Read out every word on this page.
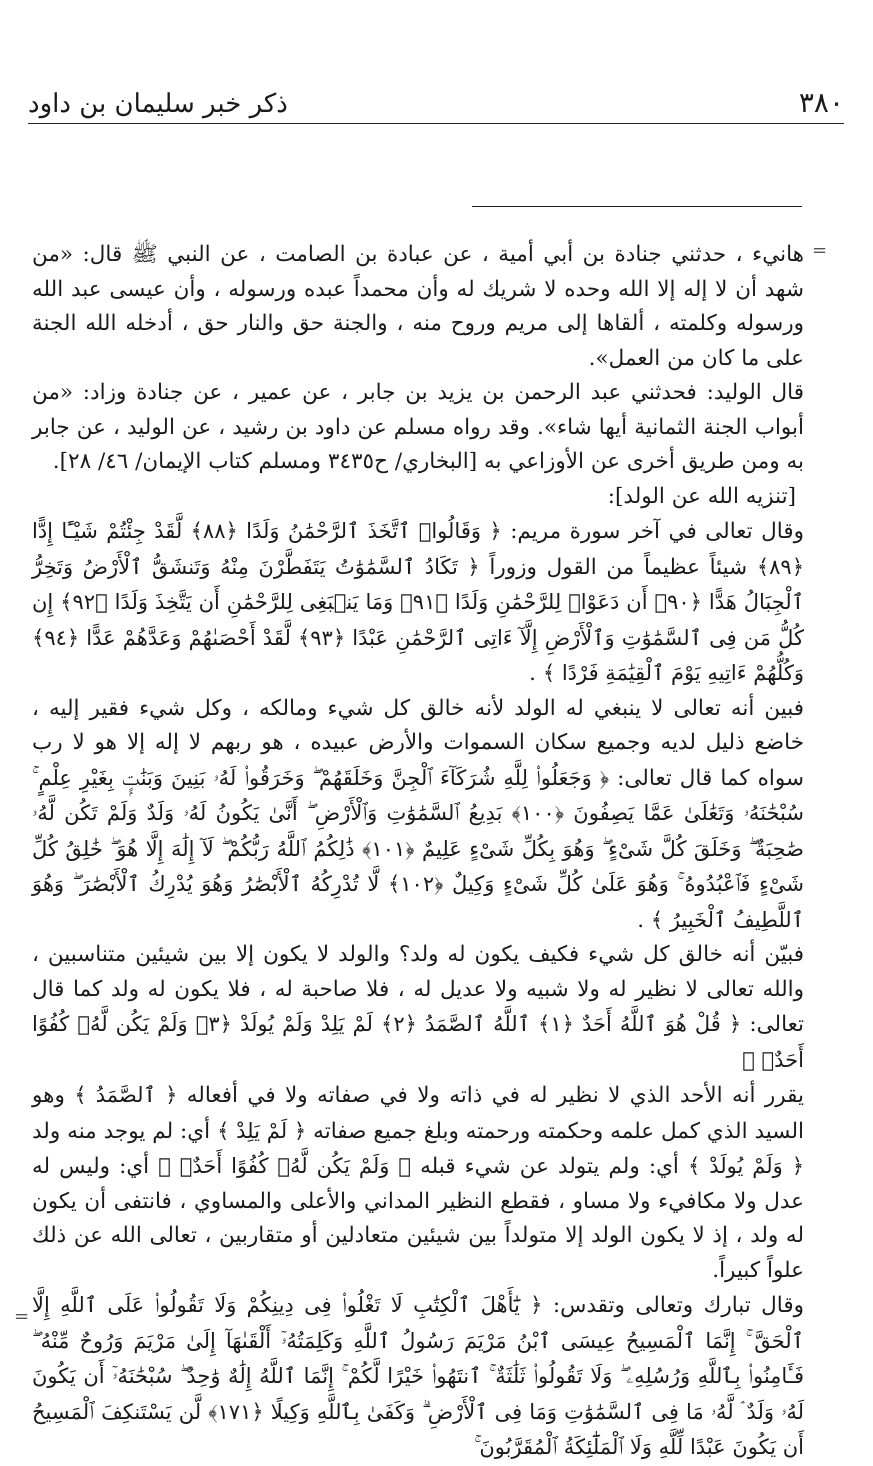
٣٨٠
ذكر خبر سليمان بن داود
=
=

هانيء ، حدثني جنادة بن أبي أمية ، عن عبادة بن الصامت ، عن النبي ﷺ قال: «من شهد أن لا إله إلا الله وحده لا شريك له وأن محمداً عبده ورسوله ، وأن عيسى عبد الله ورسوله وكلمته ، ألقاها إلى مريم وروح منه ، والجنة حق والنار حق ، أدخله الله الجنة على ما كان من العمل».

قال الوليد: فحدثني عبد الرحمن بن يزيد بن جابر ، عن عمير ، عن جنادة وزاد: «من أبواب الجنة الثمانية أيها شاء». وقد رواه مسلم عن داود بن رشيد ، عن الوليد ، عن جابر به ومن طريق أخرى عن الأوزاعي به [البخاري/ ح٣٤٣٥ ومسلم كتاب الإيمان/ ٤٦/ ٢٨].

[تنزيه الله عن الولد]:

وقال تعالى في آخر سورة مريم: ﴿ وَقَالُوا۟ ٱتَّخَذَ ٱلرَّحْمَٰنُ وَلَدًا ﴿٨٨﴾ لَّقَدْ جِئْتُمْ شَيْـًٔا إِدًّا ﴿٨٩﴾ شيئاً عظيماً من القول وزوراً ﴿ تَكَادُ ٱلسَّمَٰوَٰتُ يَتَفَطَّرْنَ مِنْهُ وَتَنشَقُّ ٱلْأَرْضُ وَتَخِرُّ ٱلْجِبَالُ هَدًّا ﴿٩٠﴾ أَن دَعَوْا۟ لِلرَّحْمَٰنِ وَلَدًا ﴿٩١﴾ وَمَا يَنۢبَغِى لِلرَّحْمَٰنِ أَن يَتَّخِذَ وَلَدًا ﴿٩٢﴾ إِن كُلُّ مَن فِى ٱلسَّمَٰوَٰتِ وَٱلْأَرْضِ إِلَّآ ءَاتِى ٱلرَّحْمَٰنِ عَبْدًا ﴿٩٣﴾ لَّقَدْ أَحْصَىٰهُمْ وَعَدَّهُمْ عَدًّا ﴿٩٤﴾ وَكُلُّهُمْ ءَاتِيهِ يَوْمَ ٱلْقِيَٰمَةِ فَرْدًا ﴾ .

فبين أنه تعالى لا ينبغي له الولد لأنه خالق كل شيء ومالكه ، وكل شيء فقير إليه ، خاضع ذليل لديه وجميع سكان السموات والأرض عبيده ، هو ربهم لا إله إلا هو لا رب سواه كما قال تعالى: ﴿ وَجَعَلُوا۟ لِلَّهِ شُرَكَآءَ ٱلْجِنَّ وَخَلَقَهُمْ ۖ وَخَرَقُوا۟ لَهُۥ بَنِينَ وَبَنَٰتٍۭ بِغَيْرِ عِلْمٍ ۚ سُبْحَٰنَهُۥ وَتَعَٰلَىٰ عَمَّا يَصِفُونَ ﴿١٠٠﴾ بَدِيعُ ٱلسَّمَٰوَٰتِ وَٱلْأَرْضِ ۖ أَنَّىٰ يَكُونُ لَهُۥ وَلَدٌ وَلَمْ تَكُن لَّهُۥ صَٰحِبَةٌ ۖ وَخَلَقَ كُلَّ شَىْءٍ ۖ وَهُوَ بِكُلِّ شَىْءٍ عَلِيمٌ ﴿١٠١﴾ ذَٰلِكُمُ ٱللَّهُ رَبُّكُمْ ۖ لَآ إِلَٰهَ إِلَّا هُوَ ۖ خَٰلِقُ كُلِّ شَىْءٍ فَٱعْبُدُوهُ ۚ وَهُوَ عَلَىٰ كُلِّ شَىْءٍ وَكِيلٌ ﴿١٠٢﴾ لَّا تُدْرِكُهُ ٱلْأَبْصَٰرُ وَهُوَ يُدْرِكُ ٱلْأَبْصَٰرَ ۖ وَهُوَ ٱللَّطِيفُ ٱلْخَبِيرُ ﴾ .

فبيّن أنه خالق كل شيء فكيف يكون له ولد؟ والولد لا يكون إلا بين شيئين متناسبين ، والله تعالى لا نظير له ولا شبيه ولا عديل له ، فلا صاحبة له ، فلا يكون له ولد كما قال تعالى: ﴿ قُلْ هُوَ ٱللَّهُ أَحَدٌ ﴿١﴾ ٱللَّهُ ٱلصَّمَدُ ﴿٢﴾ لَمْ يَلِدْ وَلَمْ يُولَدْ ﴿٣﴾ وَلَمْ يَكُن لَّهُۥ كُفُوًا أَحَدٌۢ ﴾

يقرر أنه الأحد الذي لا نظير له في ذاته ولا في صفاته ولا في أفعاله ﴿ ٱلصَّمَدُ ﴾ وهو السيد الذي كمل علمه وحكمته ورحمته وبلغ جميع صفاته ﴿ لَمْ يَلِدْ ﴾ أي: لم يوجد منه ولد ﴿ وَلَمْ يُولَدْ ﴾ أي: ولم يتولد عن شيء قبله ﴿ وَلَمْ يَكُن لَّهُۥ كُفُوًا أَحَدٌۢ ﴾ أي: وليس له عدل ولا مكافيء ولا مساو ، فقطع النظير المداني والأعلى والمساوي ، فانتفى أن يكون له ولد ، إذ لا يكون الولد إلا متولداً بين شيئين متعادلين أو متقاربين ، تعالى الله عن ذلك علواً كبيراً.

وقال تبارك وتعالى وتقدس: ﴿ يَٰٓأَهْلَ ٱلْكِتَٰبِ لَا تَغْلُوا۟ فِى دِينِكُمْ وَلَا تَقُولُوا۟ عَلَى ٱللَّهِ إِلَّا ٱلْحَقَّ ۚ إِنَّمَا ٱلْمَسِيحُ عِيسَى ٱبْنُ مَرْيَمَ رَسُولُ ٱللَّهِ وَكَلِمَتُهُۥٓ أَلْقَىٰهَآ إِلَىٰ مَرْيَمَ وَرُوحٌ مِّنْهُ ۖ فَـَٔامِنُوا۟ بِٱللَّهِ وَرُسُلِهِۦ ۖ وَلَا تَقُولُوا۟ ثَلَٰثَةٌ ۚ ٱنتَهُوا۟ خَيْرًا لَّكُمْ ۚ إِنَّمَا ٱللَّهُ إِلَٰهٌ وَٰحِدٌ ۖ سُبْحَٰنَهُۥٓ أَن يَكُونَ لَهُۥ وَلَدٌ ۘ لَّهُۥ مَا فِى ٱلسَّمَٰوَٰتِ وَمَا فِى ٱلْأَرْضِ ۗ وَكَفَىٰ بِٱللَّهِ وَكِيلًا ﴿١٧١﴾ لَّن يَسْتَنكِفَ ٱلْمَسِيحُ أَن يَكُونَ عَبْدًا لِّلَّهِ وَلَا ٱلْمَلَٰٓئِكَةُ ٱلْمُقَرَّبُونَ ۚ
